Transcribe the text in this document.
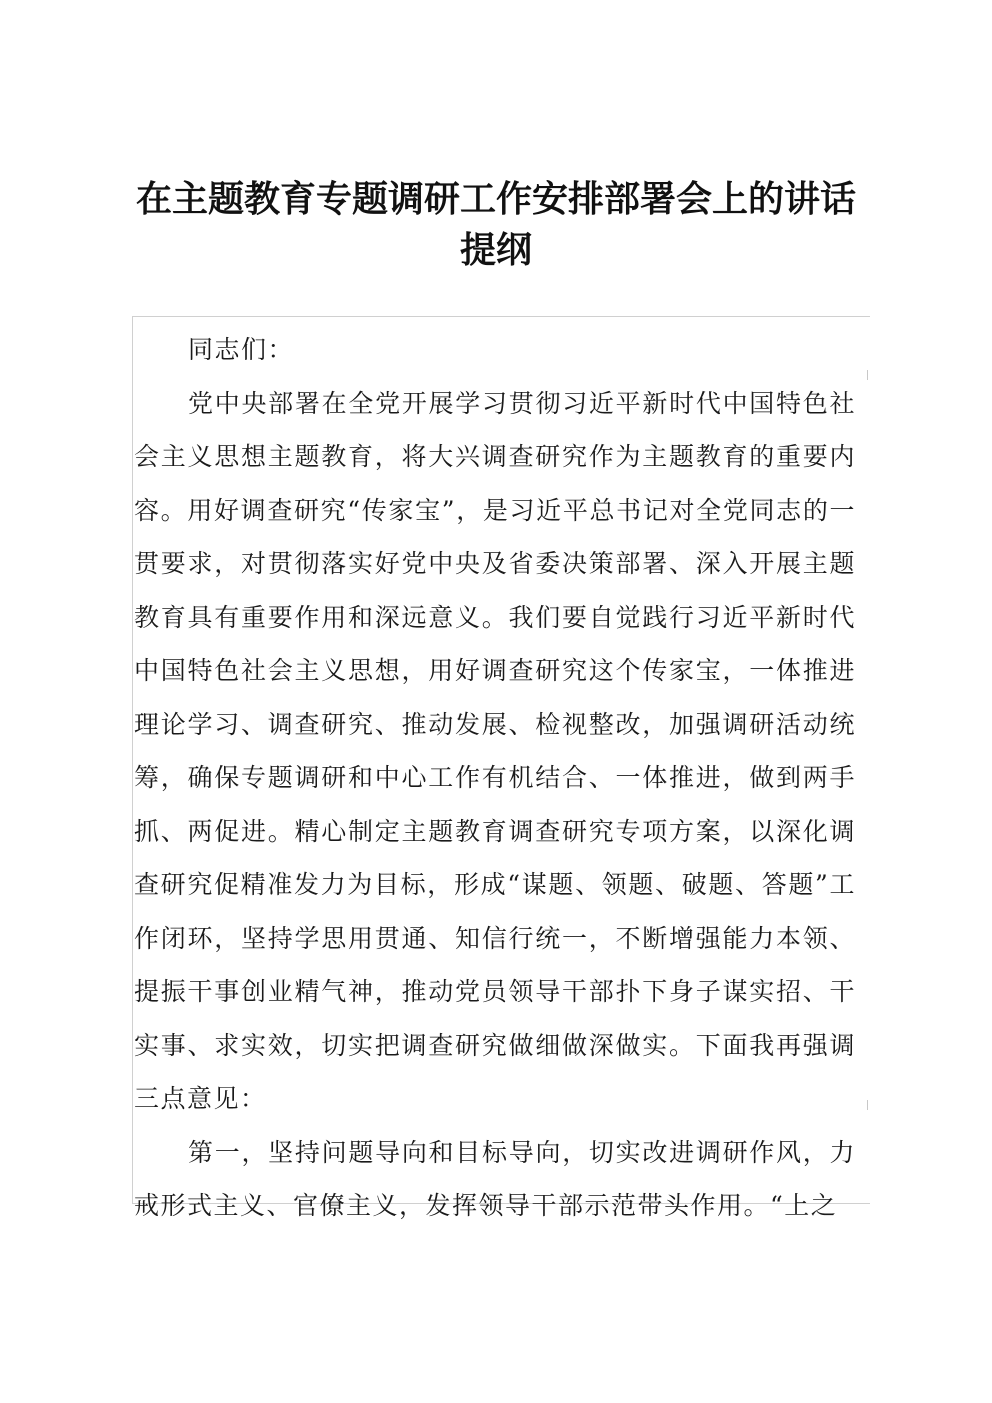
在主题教育专题调研工作安排部署会上的讲话
提纲

同志们：

党中央部署在全党开展学习贯彻习近平新时代中国特色社会主义思想主题教育，将大兴调查研究作为主题教育的重要内容。用好调查研究“传家宝”，是习近平总书记对全党同志的一贯要求，对贯彻落实好党中央及省委决策部署、深入开展主题教育具有重要作用和深远意义。我们要自觉践行习近平新时代中国特色社会主义思想，用好调查研究这个传家宝，一体推进理论学习、调查研究、推动发展、检视整改，加强调研活动统筹，确保专题调研和中心工作有机结合、一体推进，做到两手抓、两促进。精心制定主题教育调查研究专项方案，以深化调查研究促精准发力为目标，形成“谋题、领题、破题、答题”工作闭环，坚持学思用贯通、知信行统一，不断增强能力本领、提振干事创业精气神，推动党员领导干部扑下身子谋实招、干实事、求实效，切实把调查研究做细做深做实。下面我再强调三点意见：

第一，坚持问题导向和目标导向，切实改进调研作风，力戒形式主义、官僚主义，发挥领导干部示范带头作用。“上之
